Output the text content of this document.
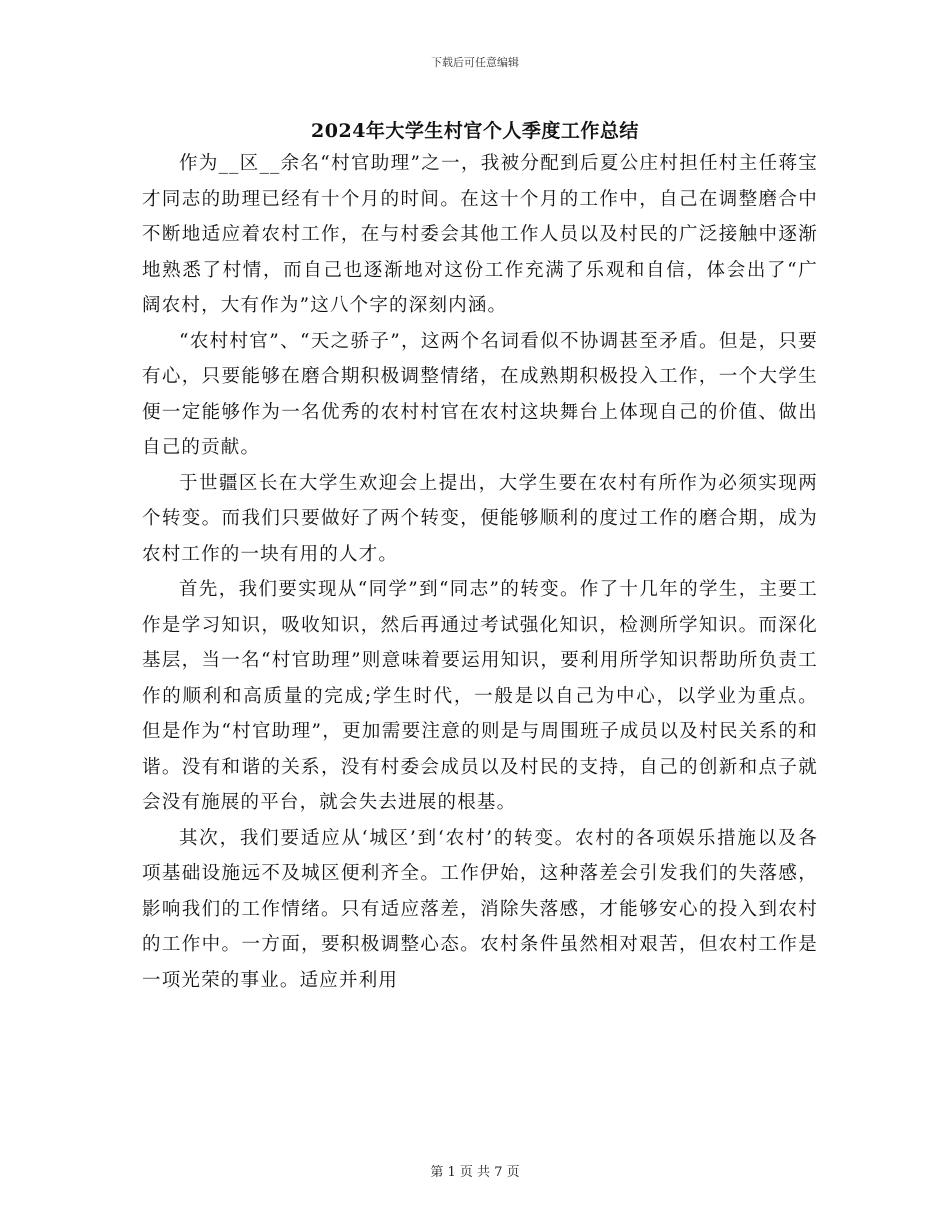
下载后可任意编辑
2024年大学生村官个人季度工作总结

作为__区__余名“村官助理”之一，我被分配到后夏公庄村担任村主任蒋宝才同志的助理已经有十个月的时间。在这十个月的工作中，自己在调整磨合中不断地适应着农村工作，在与村委会其他工作人员以及村民的广泛接触中逐渐地熟悉了村情，而自己也逐渐地对这份工作充满了乐观和自信，体会出了“广阔农村，大有作为”这八个字的深刻内涵。

“农村村官”、“天之骄子”，这两个名词看似不协调甚至矛盾。但是，只要有心，只要能够在磨合期积极调整情绪，在成熟期积极投入工作，一个大学生便一定能够作为一名优秀的农村村官在农村这块舞台上体现自己的价值、做出自己的贡献。

于世疆区长在大学生欢迎会上提出，大学生要在农村有所作为必须实现两个转变。而我们只要做好了两个转变，便能够顺利的度过工作的磨合期，成为农村工作的一块有用的人才。

首先，我们要实现从“同学”到“同志”的转变。作了十几年的学生，主要工作是学习知识，吸收知识，然后再通过考试强化知识，检测所学知识。而深化基层，当一名“村官助理”则意味着要运用知识，要利用所学知识帮助所负责工作的顺利和高质量的完成;学生时代，一般是以自己为中心，以学业为重点。但是作为“村官助理”，更加需要注意的则是与周围班子成员以及村民关系的和谐。没有和谐的关系，没有村委会成员以及村民的支持，自己的创新和点子就会没有施展的平台，就会失去进展的根基。

其次，我们要适应从‘城区’到‘农村’的转变。农村的各项娱乐措施以及各项基础设施远不及城区便利齐全。工作伊始，这种落差会引发我们的失落感，影响我们的工作情绪。只有适应落差，消除失落感，才能够安心的投入到农村的工作中。一方面，要积极调整心态。农村条件虽然相对艰苦，但农村工作是一项光荣的事业。适应并利用

第 1 页 共 7 页
